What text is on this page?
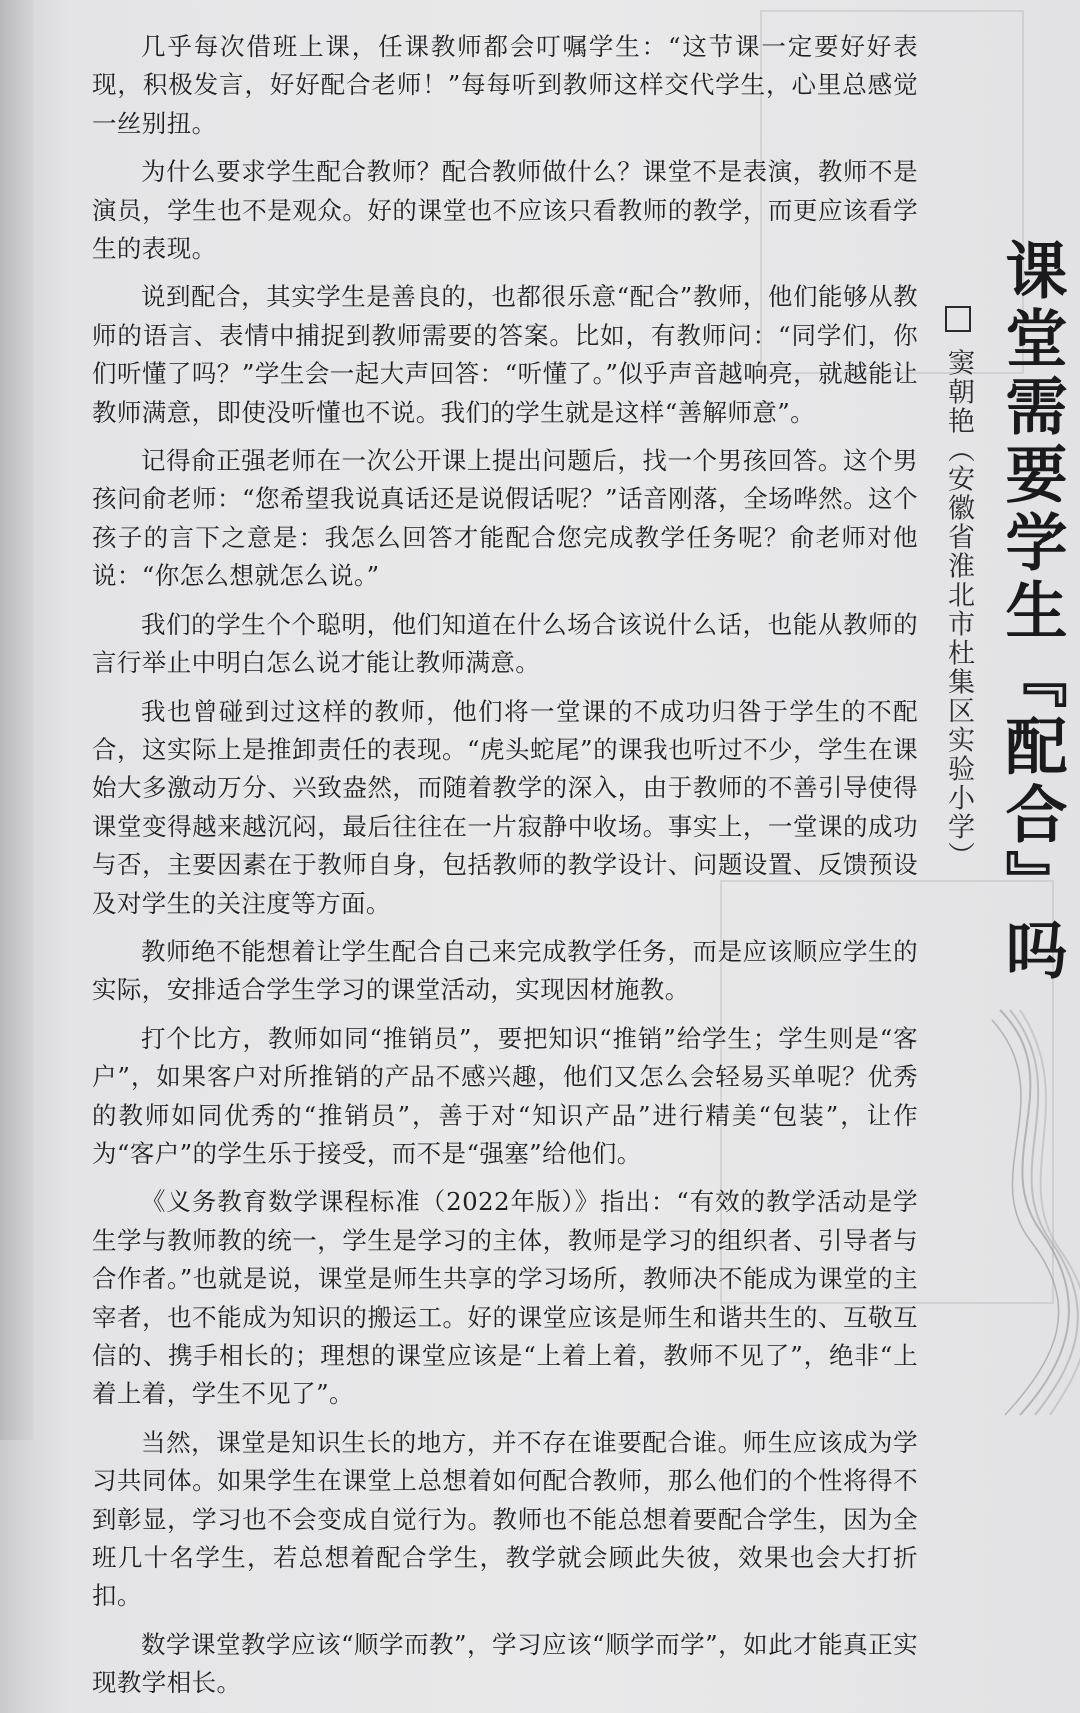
几乎每次借班上课，任课教师都会叮嘱学生：“这节课一定要好好表现，积极发言，好好配合老师！”每每听到教师这样交代学生，心里总感觉一丝别扭。

为什么要求学生配合教师？配合教师做什么？课堂不是表演，教师不是演员，学生也不是观众。好的课堂也不应该只看教师的教学，而更应该看学生的表现。

说到配合，其实学生是善良的，也都很乐意“配合”教师，他们能够从教师的语言、表情中捕捉到教师需要的答案。比如，有教师问：“同学们，你们听懂了吗？”学生会一起大声回答：“听懂了。”似乎声音越响亮，就越能让教师满意，即使没听懂也不说。我们的学生就是这样“善解师意”。

记得俞正强老师在一次公开课上提出问题后，找一个男孩回答。这个男孩问俞老师：“您希望我说真话还是说假话呢？”话音刚落，全场哗然。这个孩子的言下之意是：我怎么回答才能配合您完成教学任务呢？俞老师对他说：“你怎么想就怎么说。”

我们的学生个个聪明，他们知道在什么场合该说什么话，也能从教师的言行举止中明白怎么说才能让教师满意。

我也曾碰到过这样的教师，他们将一堂课的不成功归咎于学生的不配合，这实际上是推卸责任的表现。“虎头蛇尾”的课我也听过不少，学生在课始大多激动万分、兴致盎然，而随着教学的深入，由于教师的不善引导使得课堂变得越来越沉闷，最后往往在一片寂静中收场。事实上，一堂课的成功与否，主要因素在于教师自身，包括教师的教学设计、问题设置、反馈预设及对学生的关注度等方面。

教师绝不能想着让学生配合自己来完成教学任务，而是应该顺应学生的实际，安排适合学生学习的课堂活动，实现因材施教。

打个比方，教师如同“推销员”，要把知识“推销”给学生；学生则是“客户”，如果客户对所推销的产品不感兴趣，他们又怎么会轻易买单呢？优秀的教师如同优秀的“推销员”，善于对“知识产品”进行精美“包装”，让作为“客户”的学生乐于接受，而不是“强塞”给他们。

《义务教育数学课程标准（2022年版）》指出：“有效的教学活动是学生学与教师教的统一，学生是学习的主体，教师是学习的组织者、引导者与合作者。”也就是说，课堂是师生共享的学习场所，教师决不能成为课堂的主宰者，也不能成为知识的搬运工。好的课堂应该是师生和谐共生的、互敬互信的、携手相长的；理想的课堂应该是“上着上着，教师不见了”，绝非“上着上着，学生不见了”。

当然，课堂是知识生长的地方，并不存在谁要配合谁。师生应该成为学习共同体。如果学生在课堂上总想着如何配合教师，那么他们的个性将得不到彰显，学习也不会变成自觉行为。教师也不能总想着要配合学生，因为全班几十名学生，若总想着配合学生，教学就会顾此失彼，效果也会大打折扣。

数学课堂教学应该“顺学而教”，学习应该“顺学而学”，如此才能真正实现教学相长。

课堂需要学生『配合』吗
窦朝艳（安徽省淮北市杜集区实验小学）
